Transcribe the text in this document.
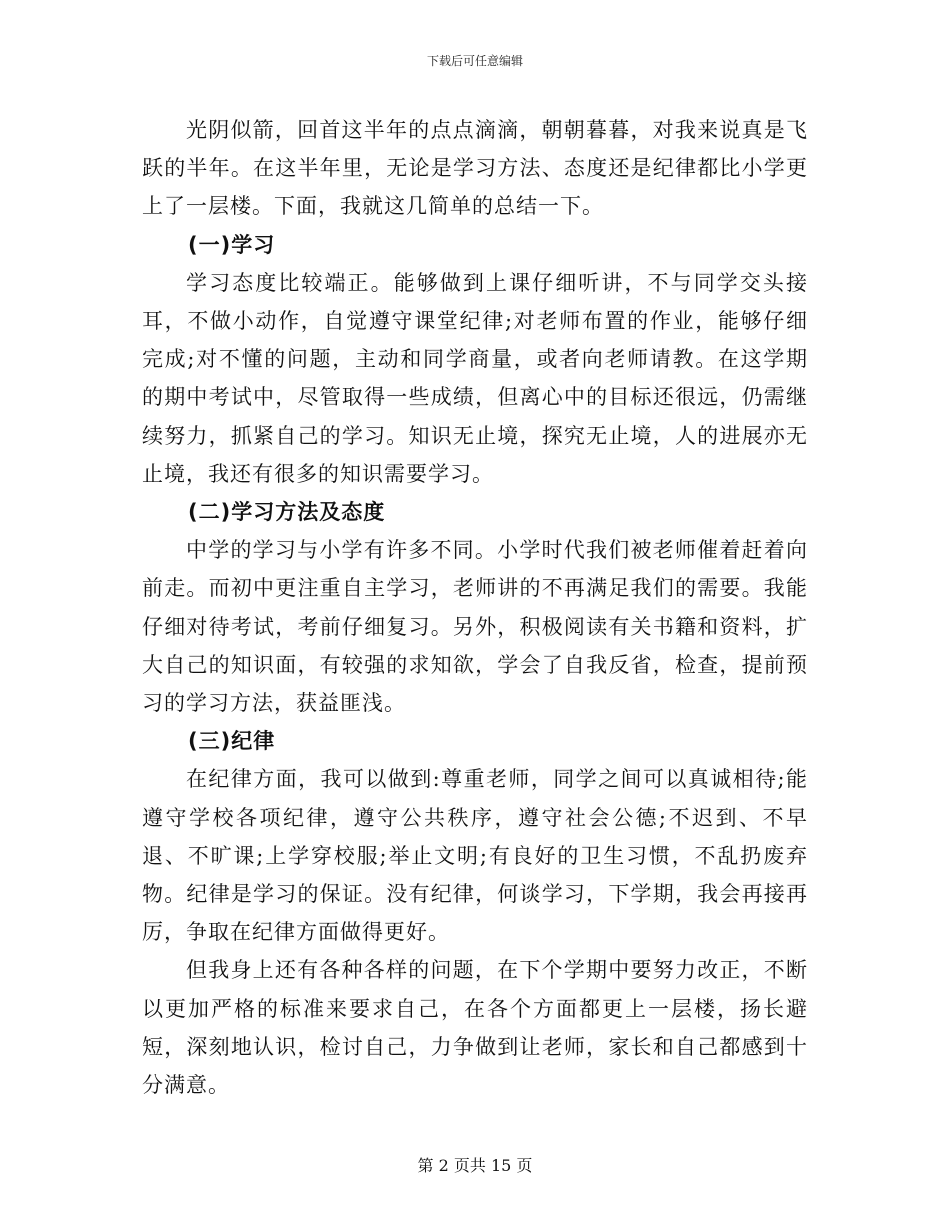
下载后可任意编辑

光阴似箭，回首这半年的点点滴滴，朝朝暮暮，对我来说真是飞跃的半年。在这半年里，无论是学习方法、态度还是纪律都比小学更上了一层楼。下面，我就这几简单的总结一下。

(一)学习

学习态度比较端正。能够做到上课仔细听讲，不与同学交头接耳，不做小动作，自觉遵守课堂纪律;对老师布置的作业，能够仔细完成;对不懂的问题，主动和同学商量，或者向老师请教。在这学期的期中考试中，尽管取得一些成绩，但离心中的目标还很远，仍需继续努力，抓紧自己的学习。知识无止境，探究无止境，人的进展亦无止境，我还有很多的知识需要学习。

(二)学习方法及态度

中学的学习与小学有许多不同。小学时代我们被老师催着赶着向前走。而初中更注重自主学习，老师讲的不再满足我们的需要。我能仔细对待考试，考前仔细复习。另外，积极阅读有关书籍和资料，扩大自己的知识面，有较强的求知欲，学会了自我反省，检查，提前预习的学习方法，获益匪浅。

(三)纪律

在纪律方面，我可以做到:尊重老师，同学之间可以真诚相待;能遵守学校各项纪律，遵守公共秩序，遵守社会公德;不迟到、不早退、不旷课;上学穿校服;举止文明;有良好的卫生习惯，不乱扔废弃物。纪律是学习的保证。没有纪律，何谈学习，下学期，我会再接再厉，争取在纪律方面做得更好。

但我身上还有各种各样的问题，在下个学期中要努力改正，不断以更加严格的标准来要求自己，在各个方面都更上一层楼，扬长避短，深刻地认识，检讨自己，力争做到让老师，家长和自己都感到十分满意。

第 2 页共 15 页
